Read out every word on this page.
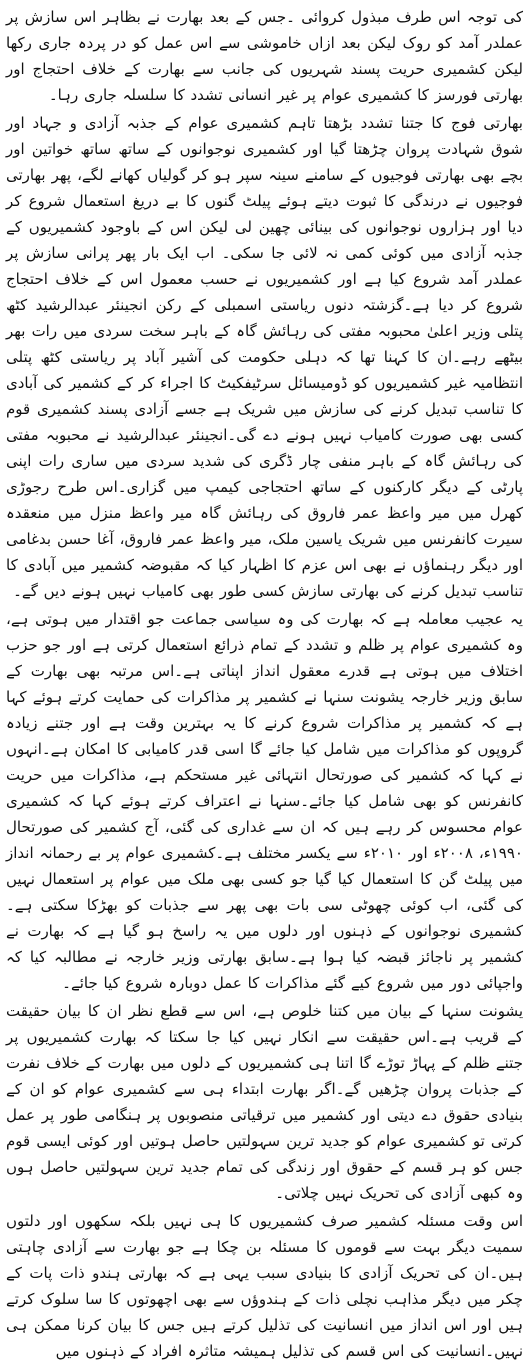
کی توجہ اس طرف مبذول کروائی ۔جس کے بعد بھارت نے بظاہر اس سازش پر عملدر آمد کو روک لیکن بعد ازاں خاموشی سے اس عمل کو در پردہ جاری رکھا لیکن کشمیری حریت پسند شہریوں کی جانب سے بھارت کے خلاف احتجاج اور بھارتی فورسز کا کشمیری عوام پر غیر انسانی تشدد کا سلسلہ جاری رہا۔

بھارتی فوج کا جتنا تشدد بڑھتا تاہم کشمیری عوام کے جذبہ آزادی و جہاد اور شوق شہادت پروان چڑھتا گیا اور کشمیری نوجوانوں کے ساتھ ساتھ خواتین اور بچے بھی بھارتی فوجیوں کے سامنے سینہ سپر ہو کر گولیاں کھانے لگے، پھر بھارتی فوجیوں نے درندگی کا ثبوت دیتے ہوئے پیلٹ گنوں کا بے دریغ استعمال شروع کر دیا اور ہزاروں نوجوانوں کی بینائی چھین لی لیکن اس کے باوجود کشمیریوں کے جذبہ آزادی میں کوئی کمی نہ لائی جا سکی۔ اب ایک بار پھر پرانی سازش پر عملدر آمد شروع کیا ہے اور کشمیریوں نے حسب معمول اس کے خلاف احتجاج شروع کر دیا ہے۔گزشتہ دنوں ریاستی اسمبلی کے رکن انجینئر عبدالرشید کٹھ پتلی وزیر اعلیٰ محبوبہ مفتی کی رہائش گاہ کے باہر سخت سردی میں رات بھر بیٹھے رہے۔ان کا کہنا تھا کہ دہلی حکومت کی آشیر آباد پر ریاستی کٹھ پتلی انتظامیہ غیر کشمیریوں کو ڈومیسائل سرٹیفکیٹ کا اجراء کر کے کشمیر کی آبادی کا تناسب تبدیل کرنے کی سازش میں شریک ہے جسے آزادی پسند کشمیری قوم کسی بھی صورت کامیاب نہیں ہونے دے گی۔انجینئر عبدالرشید نے محبوبہ مفتی کی رہائش گاہ کے باہر منفی چار ڈگری کی شدید سردی میں ساری رات اپنی پارٹی کے دیگر کارکنوں کے ساتھ احتجاجی کیمپ میں گزاری۔اس طرح رجوڑی کھرل میں میر واعظ عمر فاروق کی رہائش گاہ میر واعظ منزل میں منعقدہ سیرت کانفرنس میں شریک یاسین ملک، میر واعظ عمر فاروق، آغا حسن بدغامی اور دیگر رہنماؤں نے بھی اس عزم کا اظہار کیا کہ مقبوضہ کشمیر میں آبادی کا تناسب تبدیل کرنے کی بھارتی سازش کسی طور بھی کامیاب نہیں ہونے دیں گے۔

یہ عجیب معاملہ ہے کہ بھارت کی وہ سیاسی جماعت جو اقتدار میں ہوتی ہے، وہ کشمیری عوام پر ظلم و تشدد کے تمام ذرائع استعمال کرتی ہے اور جو حزب اختلاف میں ہوتی ہے قدرے معقول انداز اپناتی ہے۔اس مرتبہ بھی بھارت کے سابق وزیر خارجہ یشونت سنہا نے کشمیر پر مذاکرات کی حمایت کرتے ہوئے کہا ہے کہ کشمیر پر مذاکرات شروع کرنے کا یہ بہترین وقت ہے اور جتنے زیادہ گروپوں کو مذاکرات میں شامل کیا جائے گا اسی قدر کامیابی کا امکان ہے۔انہوں نے کہا کہ کشمیر کی صورتحال انتہائی غیر مستحکم ہے، مذاکرات میں حریت کانفرنس کو بھی شامل کیا جائے۔سنہا نے اعتراف کرتے ہوئے کہا کہ کشمیری عوام محسوس کر رہے ہیں کہ ان سے غداری کی گئی، آج کشمیر کی صورتحال ۱۹۹۰ء، ۲۰۰۸ء اور ۲۰۱۰ء سے یکسر مختلف ہے۔کشمیری عوام پر بے رحمانہ انداز میں پیلٹ گن کا استعمال کیا گیا جو کسی بھی ملک میں عوام پر استعمال نہیں کی گئی، اب کوئی چھوٹی سی بات بھی پھر سے جذبات کو بھڑکا سکتی ہے۔کشمیری نوجوانوں کے ذہنوں اور دلوں میں یہ راسخ ہو گیا ہے کہ بھارت نے کشمیر پر ناجائز قبضہ کیا ہوا ہے۔سابق بھارتی وزیر خارجہ نے مطالبہ کیا کہ واجپائی دور میں شروع کیے گئے مذاکرات کا عمل دوبارہ شروع کیا جائے۔

یشونت سنہا کے بیان میں کتنا خلوص ہے، اس سے قطع نظر ان کا بیان حقیقت کے قریب ہے۔اس حقیقت سے انکار نہیں کیا جا سکتا کہ بھارت کشمیریوں پر جتنے ظلم کے پہاڑ توڑے گا اتنا ہی کشمیریوں کے دلوں میں بھارت کے خلاف نفرت کے جذبات پروان چڑھیں گے۔اگر بھارت ابتداء ہی سے کشمیری عوام کو ان کے بنیادی حقوق دے دیتی اور کشمیر میں ترقیاتی منصوبوں پر ہنگامی طور پر عمل کرتی تو کشمیری عوام کو جدید ترین سہولتیں حاصل ہوتیں اور کوئی ایسی قوم جس کو ہر قسم کے حقوق اور زندگی کی تمام جدید ترین سہولتیں حاصل ہوں وہ کبھی آزادی کی تحریک نہیں چلاتی۔

اس وقت مسئلہ کشمیر صرف کشمیریوں کا ہی نہیں بلکہ سکھوں اور دلتوں سمیت دیگر بہت سے قوموں کا مسئلہ بن چکا ہے جو بھارت سے آزادی چاہتی ہیں۔ان کی تحریک آزادی کا بنیادی سبب یہی ہے کہ بھارتی ہندو ذات پات کے چکر میں دیگر مذاہب نچلی ذات کے ہندوؤں سے بھی اچھوتوں کا سا سلوک کرتے ہیں اور اس انداز میں انسانیت کی تذلیل کرتے ہیں جس کا بیان کرنا ممکن ہی نہیں۔انسانیت کی اس قسم کی تذلیل ہمیشہ متاثرہ افراد کے ذہنوں میں
